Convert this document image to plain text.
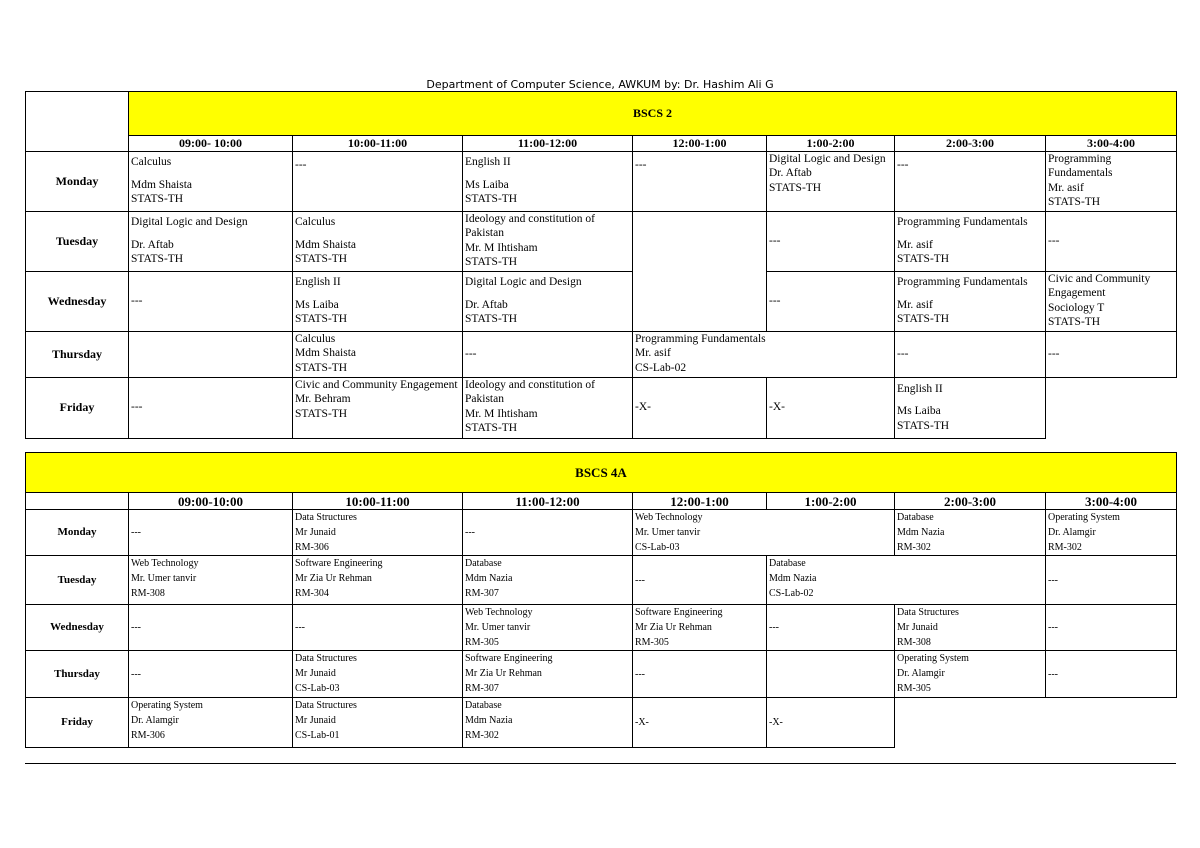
Department of Computer Science, AWKUM by: Dr. Hashim Ali G
	BSCS 2						
	09:00- 10:00	10:00-11:00	11:00-12:00	12:00-1:00	1:00-2:00	2:00-3:00	3:00-4:00
Monday	Calculus
Mdm Shaista
STATS-TH	---	English II
Ms Laiba
STATS-TH	---	Digital Logic and Design
Dr. Aftab
STATS-TH	---	Programming Fundamentals
Mr. asif
STATS-TH

Tuesday	Digital Logic and Design
Dr. Aftab
STATS-TH	Calculus
Mdm Shaista
STATS-TH	Ideology and constitution of Pakistan
Mr. M Ihtisham
STATS-TH		---	Programming Fundamentals
Mr. asif
STATS-TH	---
Wednesday	---	English II
Ms Laiba
STATS-TH	Digital Logic and Design
Dr. Aftab
STATS-TH		---	Programming Fundamentals
Mr. asif
STATS-TH	Civic and Community Engagement
Sociology T
STATS-TH

Thursday		Calculus
Mdm Shaista
STATS-TH	---	Programming Fundamentals
Mr. asif
CS-Lab-02		---	---
Friday	---	Civic and Community Engagement
Mr. Behram
STATS-TH	Ideology and constitution of Pakistan
Mr. M Ihtisham
STATS-TH	-X-	-X-	English II
Ms Laiba
STATS-TH	

BSCS 4A							
	09:00-10:00	10:00-11:00	11:00-12:00	12:00-1:00	1:00-2:00	2:00-3:00	3:00-4:00
Monday	---	Data Structures
Mr Junaid
RM-306	---	Web Technology
Mr. Umer tanvir
CS-Lab-03		Database
Mdm Nazia
RM-302	Operating System
Dr. Alamgir
RM-302

Tuesday	Web Technology
Mr. Umer tanvir
RM-308	Software Engineering
Mr Zia Ur Rehman
RM-304	Database
Mdm Nazia
RM-307	---	Database
Mdm Nazia
CS-Lab-02		---
Wednesday	---	---	Web Technology
Mr. Umer tanvir
RM-305	Software Engineering
Mr Zia Ur Rehman
RM-305	---	Data Structures
Mr Junaid
RM-308	---
Thursday	---	Data Structures
Mr Junaid
CS-Lab-03	Software Engineering
Mr Zia Ur Rehman
RM-307	---		Operating System
Dr. Alamgir
RM-305	---
Friday	Operating System
Dr. Alamgir
RM-306	Data Structures
Mr Junaid
CS-Lab-01	Database
Mdm Nazia
RM-302	-X-	-X-		
